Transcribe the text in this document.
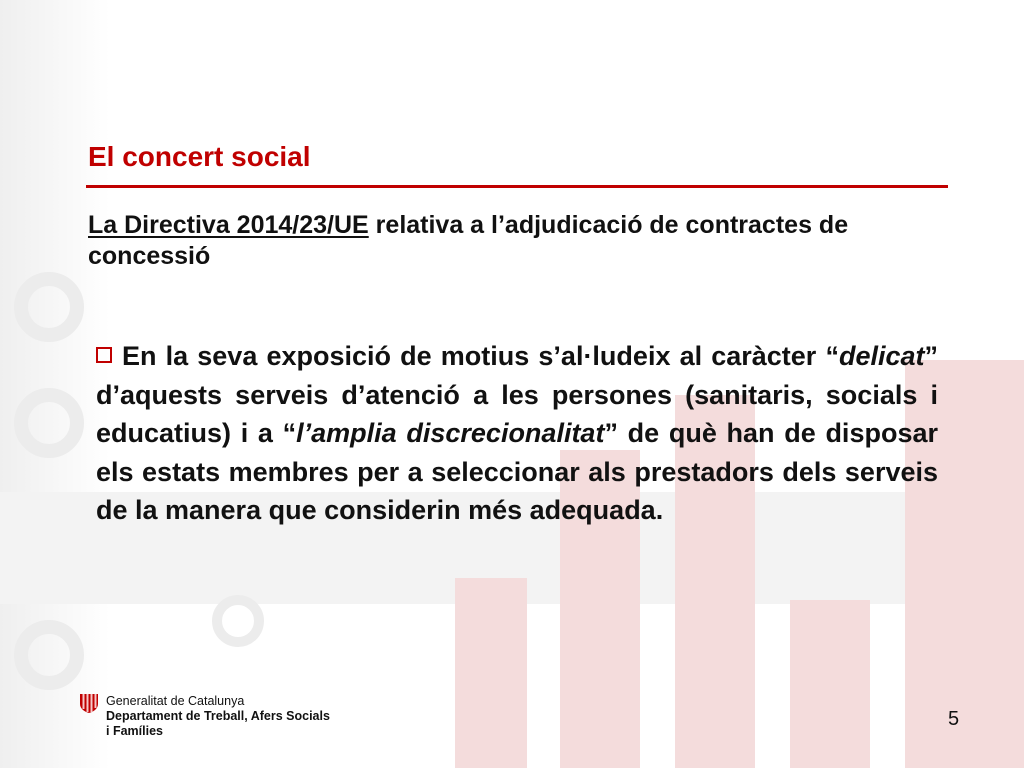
El concert social

La Directiva 2014/23/UE relativa a l’adjudicació de contractes de concessió

En la seva exposició de motius s’al·ludeix al caràcter “delicat” d’aquests serveis d’atenció a les persones (sanitaris, socials i educatius) i a “l’amplia discrecionalitat” de què han de disposar els estats membres per a seleccionar als prestadors dels serveis de la manera que considerin més adequada.

Generalitat de Catalunya
Departament de Treball, Afers Socials
i Famílies
5
